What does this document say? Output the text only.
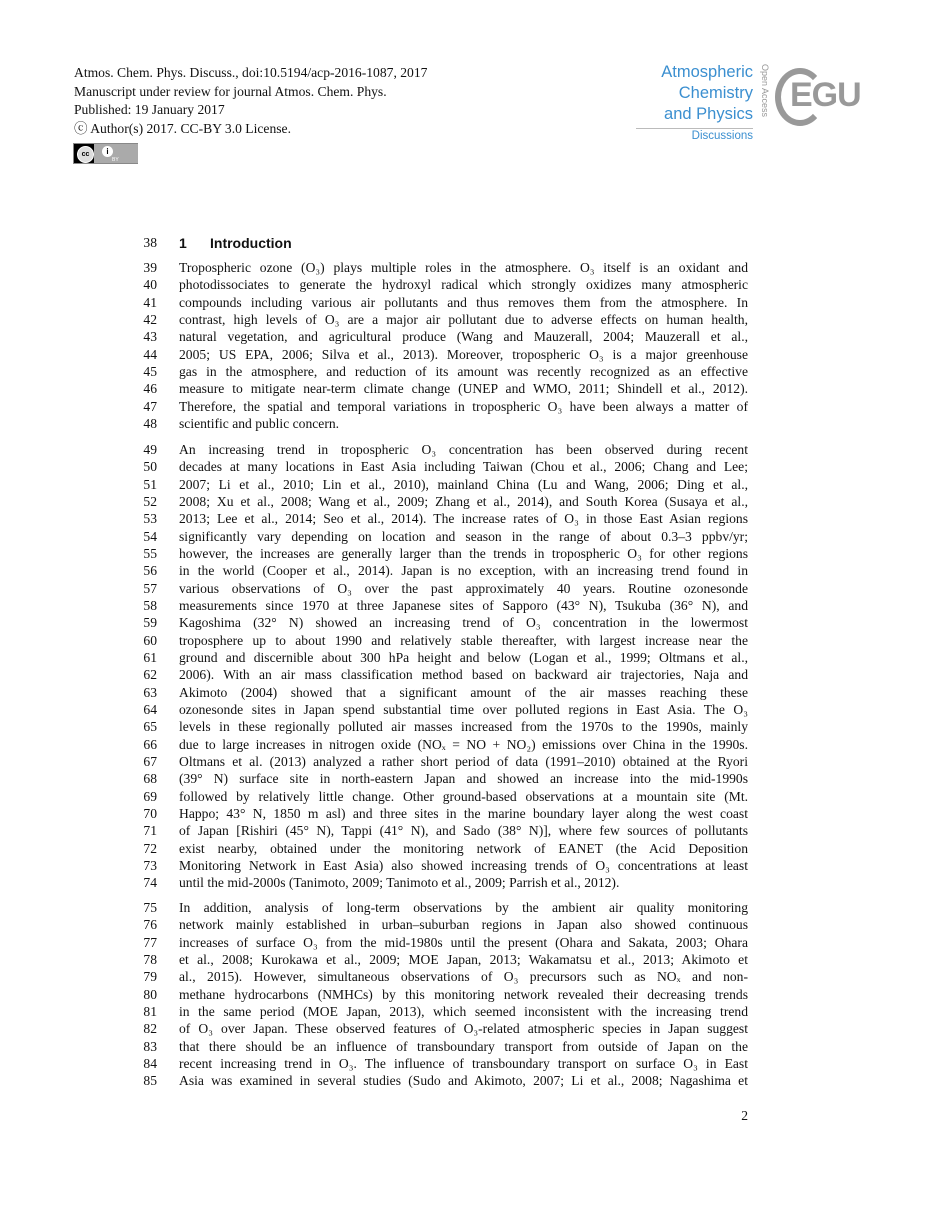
Atmos. Chem. Phys. Discuss., doi:10.5194/acp-2016-1087, 2017
Manuscript under review for journal Atmos. Chem. Phys.
Published: 19 January 2017
ⓒ Author(s) 2017. CC-BY 3.0 License.
cc	i
BY
Atmospheric
Chemistry
and Physics
Discussions
Open Access EGU
38 1 Introduction
39 Tropospheric ozone (O₃) plays multiple roles in the atmosphere. O₃ itself is an oxidant and
40 photodissociates to generate the hydroxyl radical which strongly oxidizes many atmospheric
41 compounds including various air pollutants and thus removes them from the atmosphere. In
42 contrast, high levels of O₃ are a major air pollutant due to adverse effects on human health,
43 natural vegetation, and agricultural produce (Wang and Mauzerall, 2004; Mauzerall et al.,
44 2005; US EPA, 2006; Silva et al., 2013). Moreover, tropospheric O₃ is a major greenhouse
45 gas in the atmosphere, and reduction of its amount was recently recognized as an effective
46 measure to mitigate near-term climate change (UNEP and WMO, 2011; Shindell et al., 2012).
47 Therefore, the spatial and temporal variations in tropospheric O₃ have been always a matter of
48 scientific and public concern.
49 An increasing trend in tropospheric O₃ concentration has been observed during recent
50 decades at many locations in East Asia including Taiwan (Chou et al., 2006; Chang and Lee;
51 2007; Li et al., 2010; Lin et al., 2010), mainland China (Lu and Wang, 2006; Ding et al.,
52 2008; Xu et al., 2008; Wang et al., 2009; Zhang et al., 2014), and South Korea (Susaya et al.,
53 2013; Lee et al., 2014; Seo et al., 2014). The increase rates of O₃ in those East Asian regions
54 significantly vary depending on location and season in the range of about 0.3–3 ppbv/yr;
55 however, the increases are generally larger than the trends in tropospheric O₃ for other regions
56 in the world (Cooper et al., 2014). Japan is no exception, with an increasing trend found in
57 various observations of O₃ over the past approximately 40 years. Routine ozonesonde
58 measurements since 1970 at three Japanese sites of Sapporo (43° N), Tsukuba (36° N), and
59 Kagoshima (32° N) showed an increasing trend of O₃ concentration in the lowermost
60 troposphere up to about 1990 and relatively stable thereafter, with largest increase near the
61 ground and discernible about 300 hPa height and below (Logan et al., 1999; Oltmans et al.,
62 2006). With an air mass classification method based on backward air trajectories, Naja and
63 Akimoto (2004) showed that a significant amount of the air masses reaching these
64 ozonesonde sites in Japan spend substantial time over polluted regions in East Asia. The O₃
65 levels in these regionally polluted air masses increased from the 1970s to the 1990s, mainly
66 due to large increases in nitrogen oxide (NOₓ = NO + NO₂) emissions over China in the 1990s.
67 Oltmans et al. (2013) analyzed a rather short period of data (1991–2010) obtained at the Ryori
68 (39° N) surface site in north-eastern Japan and showed an increase into the mid-1990s
69 followed by relatively little change. Other ground-based observations at a mountain site (Mt.
70 Happo; 43° N, 1850 m asl) and three sites in the marine boundary layer along the west coast
71 of Japan [Rishiri (45° N), Tappi (41° N), and Sado (38° N)], where few sources of pollutants
72 exist nearby, obtained under the monitoring network of EANET (the Acid Deposition
73 Monitoring Network in East Asia) also showed increasing trends of O₃ concentrations at least
74 until the mid-2000s (Tanimoto, 2009; Tanimoto et al., 2009; Parrish et al., 2012).
75 In addition, analysis of long-term observations by the ambient air quality monitoring
76 network mainly established in urban–suburban regions in Japan also showed continuous
77 increases of surface O₃ from the mid-1980s until the present (Ohara and Sakata, 2003; Ohara
78 et al., 2008; Kurokawa et al., 2009; MOE Japan, 2013; Wakamatsu et al., 2013; Akimoto et
79 al., 2015). However, simultaneous observations of O₃ precursors such as NOₓ and non-
80 methane hydrocarbons (NMHCs) by this monitoring network revealed their decreasing trends
81 in the same period (MOE Japan, 2013), which seemed inconsistent with the increasing trend
82 of O₃ over Japan. These observed features of O₃-related atmospheric species in Japan suggest
83 that there should be an influence of transboundary transport from outside of Japan on the
84 recent increasing trend in O₃. The influence of transboundary transport on surface O₃ in East
85 Asia was examined in several studies (Sudo and Akimoto, 2007; Li et al., 2008; Nagashima et
2
